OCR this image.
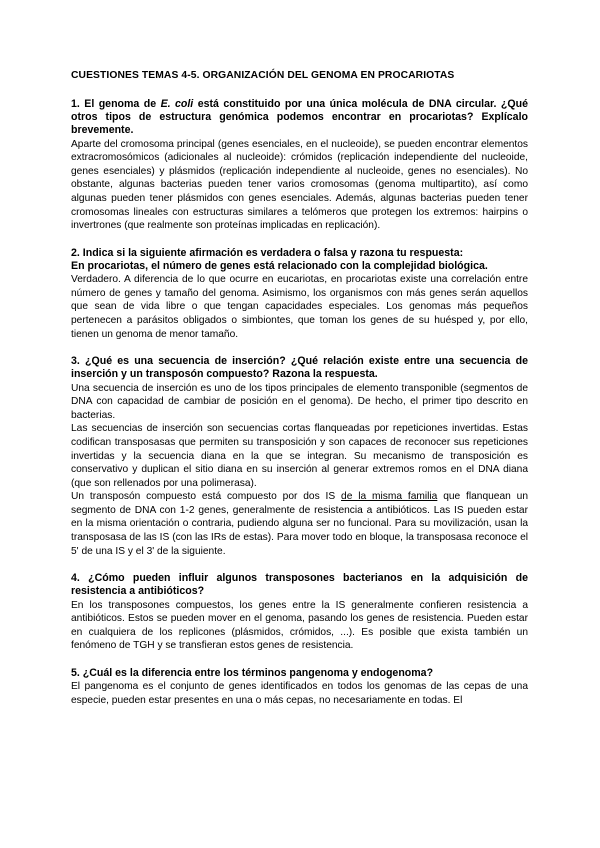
CUESTIONES TEMAS 4-5. ORGANIZACIÓN DEL GENOMA EN PROCARIOTAS

1. El genoma de E. coli está constituido por una única molécula de DNA circular. ¿Qué otros tipos de estructura genómica podemos encontrar en procariotas? Explícalo brevemente.

Aparte del cromosoma principal (genes esenciales, en el nucleoide), se pueden encontrar elementos extracromosómicos (adicionales al nucleoide): crómidos (replicación independiente del nucleoide, genes esenciales) y plásmidos (replicación independiente al nucleoide, genes no esenciales). No obstante, algunas bacterias pueden tener varios cromosomas (genoma multipartito), así como algunas pueden tener plásmidos con genes esenciales. Además, algunas bacterias pueden tener cromosomas lineales con estructuras similares a telómeros que protegen los extremos: hairpins o invertrones (que realmente son proteínas implicadas en replicación).

2. Indica si la siguiente afirmación es verdadera o falsa y razona tu respuesta:

En procariotas, el número de genes está relacionado con la complejidad biológica.

Verdadero. A diferencia de lo que ocurre en eucariotas, en procariotas existe una correlación entre número de genes y tamaño del genoma. Asimismo, los organismos con más genes serán aquellos que sean de vida libre o que tengan capacidades especiales. Los genomas más pequeños pertenecen a parásitos obligados o simbiontes, que toman los genes de su huésped y, por ello, tienen un genoma de menor tamaño.

3. ¿Qué es una secuencia de inserción? ¿Qué relación existe entre una secuencia de inserción y un transposón compuesto? Razona la respuesta.

Una secuencia de inserción es uno de los tipos principales de elemento transponible (segmentos de DNA con capacidad de cambiar de posición en el genoma). De hecho, el primer tipo descrito en bacterias.

Las secuencias de inserción son secuencias cortas flanqueadas por repeticiones invertidas. Estas codifican transposasas que permiten su transposición y son capaces de reconocer sus repeticiones invertidas y la secuencia diana en la que se integran. Su mecanismo de transposición es conservativo y duplican el sitio diana en su inserción al generar extremos romos en el DNA diana (que son rellenados por una polimerasa).

Un transposón compuesto está compuesto por dos IS de la misma familia que flanquean un segmento de DNA con 1-2 genes, generalmente de resistencia a antibióticos. Las IS pueden estar en la misma orientación o contraria, pudiendo alguna ser no funcional. Para su movilización, usan la transposasa de las IS (con las IRs de estas). Para mover todo en bloque, la transposasa reconoce el 5' de una IS y el 3' de la siguiente.

4. ¿Cómo pueden influir algunos transposones bacterianos en la adquisición de resistencia a antibióticos?

En los transposones compuestos, los genes entre la IS generalmente confieren resistencia a antibióticos. Estos se pueden mover en el genoma, pasando los genes de resistencia. Pueden estar en cualquiera de los replicones (plásmidos, crómidos, ...). Es posible que exista también un fenómeno de TGH y se transfieran estos genes de resistencia.

5. ¿Cuál es la diferencia entre los términos pangenoma y endogenoma?

El pangenoma es el conjunto de genes identificados en todos los genomas de las cepas de una especie, pueden estar presentes en una o más cepas, no necesariamente en todas. El
